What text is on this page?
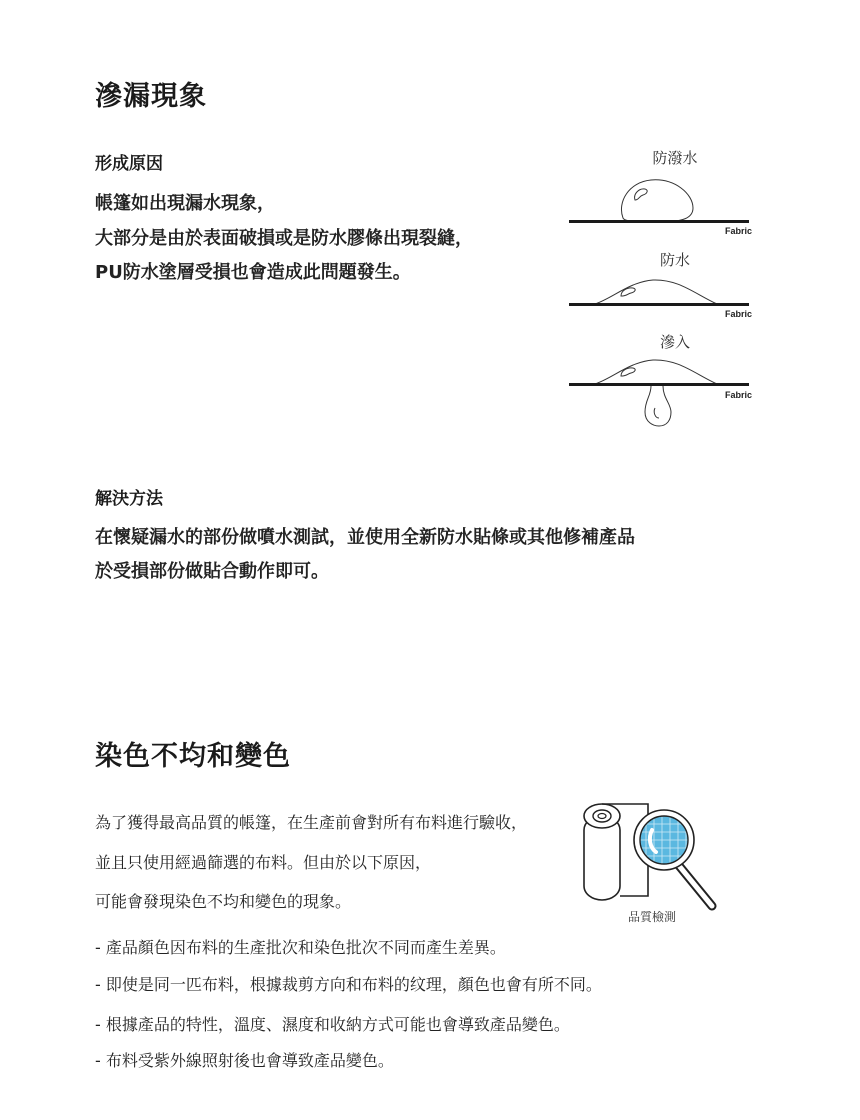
滲漏現象
形成原因
帳篷如出現漏水現象，
大部分是由於表面破損或是防水膠條出現裂縫，
PU防水塗層受損也會造成此問題發生。
防潑水
Fabric
防水
Fabric
滲入
Fabric
解決方法
在懷疑漏水的部份做噴水測試，並使用全新防水貼條或其他修補產品
於受損部份做貼合動作即可。
染色不均和變色
為了獲得最高品質的帳篷，在生產前會對所有布料進行驗收，
並且只使用經過篩選的布料。但由於以下原因，
可能會發現染色不均和變色的現象。
品質檢測
- 產品顏色因布料的生產批次和染色批次不同而產生差異。
- 即使是同一匹布料，根據裁剪方向和布料的纹理，顏色也會有所不同。
- 根據產品的特性，溫度、濕度和收納方式可能也會導致產品變色。
- 布料受紫外線照射後也會導致產品變色。
